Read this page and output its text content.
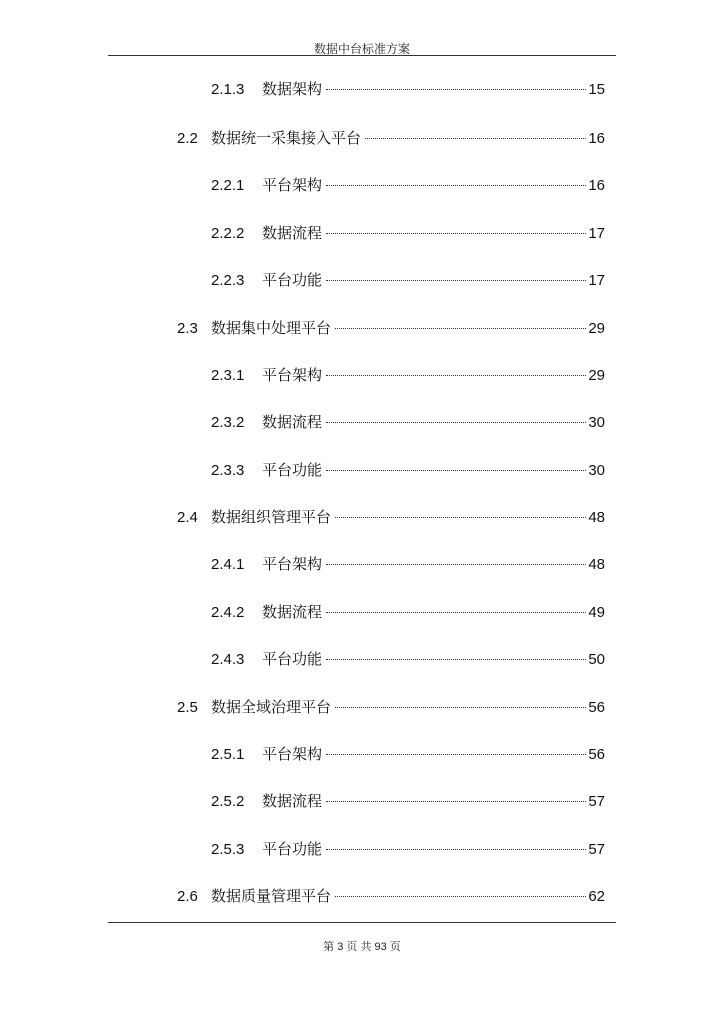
数据中台标准方案
2.1.3	数据架构	15
2.2 数据统一采集接入平台	16
2.2.1	平台架构	16
2.2.2	数据流程	17
2.2.3	平台功能	17
2.3 数据集中处理平台	29
2.3.1	平台架构	29
2.3.2	数据流程	30
2.3.3	平台功能	30
2.4 数据组织管理平台	48
2.4.1	平台架构	48
2.4.2	数据流程	49
2.4.3	平台功能	50
2.5 数据全域治理平台	56
2.5.1	平台架构	56
2.5.2	数据流程	57
2.5.3	平台功能	57
2.6 数据质量管理平台	62
第 3 页 共 93 页
